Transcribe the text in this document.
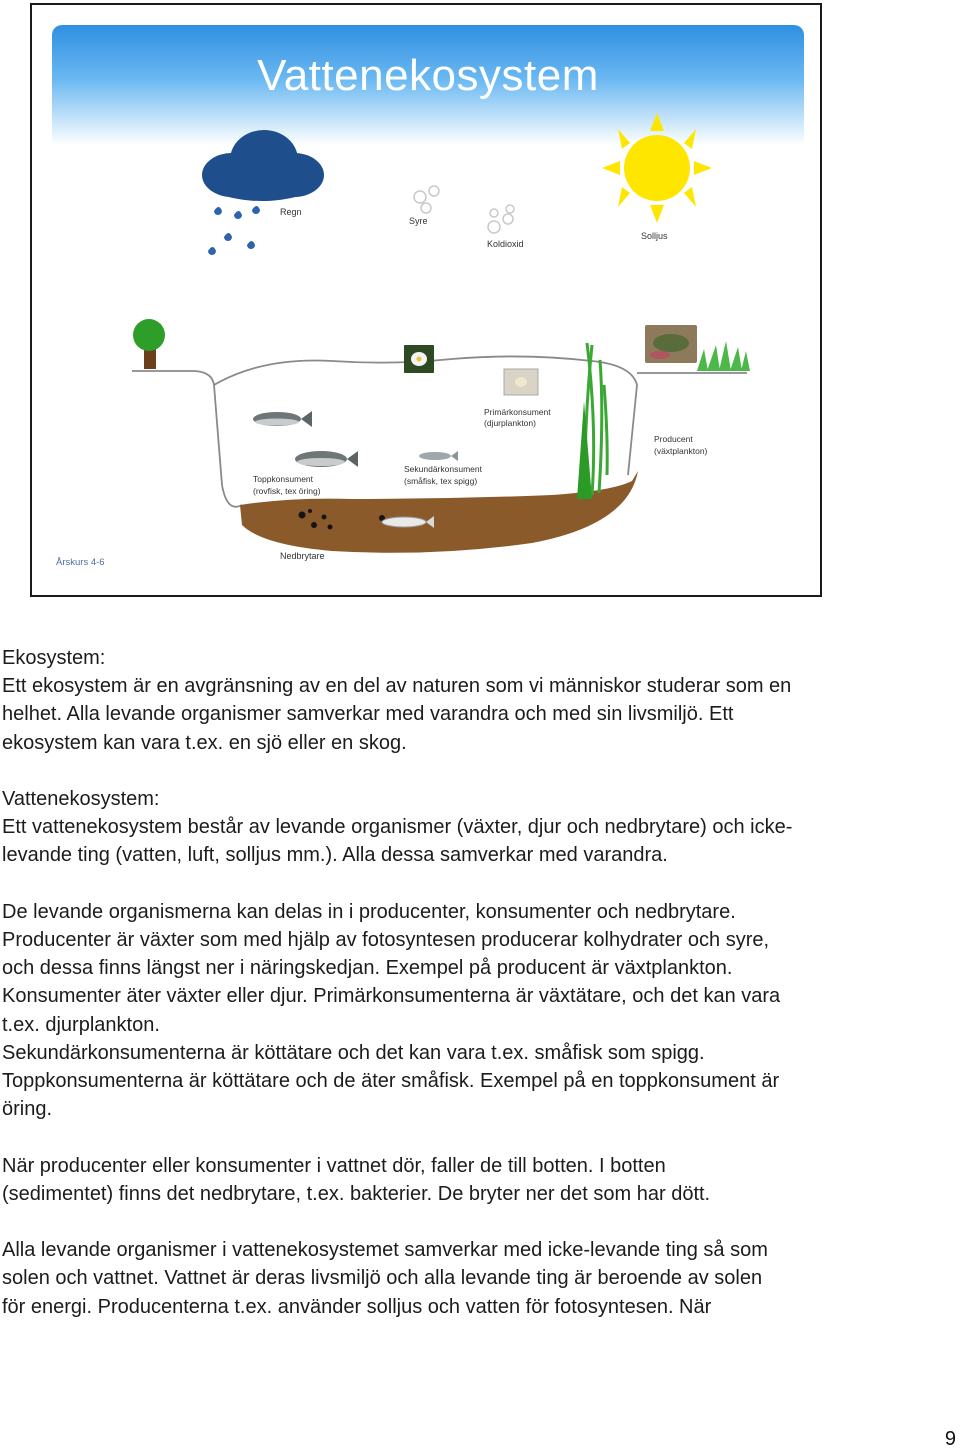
Vattenekosystem
Regn
Syre
Koldioxid
Solljus
Primärkonsument
(djurplankton)
Producent
(växtplankton)
Toppkonsument
(rovfisk, tex öring)
Sekundärkonsument
(småfisk, tex spigg)
Nedbrytare
Årskurs 4-6
Ekosystem:
Ett ekosystem är en avgränsning av en del av naturen som vi människor studerar som en
helhet. Alla levande organismer samverkar med varandra och med sin livsmiljö. Ett
ekosystem kan vara t.ex. en sjö eller en skog.
Vattenekosystem:
Ett vattenekosystem består av levande organismer (växter, djur och nedbrytare) och icke-
levande ting (vatten, luft, solljus mm.). Alla dessa samverkar med varandra.
De levande organismerna kan delas in i producenter, konsumenter och nedbrytare.
Producenter är växter som med hjälp av fotosyntesen producerar kolhydrater och syre,
och dessa finns längst ner i näringskedjan. Exempel på producent är växtplankton.
Konsumenter äter växter eller djur. Primärkonsumenterna är växtätare, och det kan vara
t.ex. djurplankton.
Sekundärkonsumenterna är köttätare och det kan vara t.ex. småfisk som spigg.
Toppkonsumenterna är köttätare och de äter småfisk. Exempel på en toppkonsument är
öring.
När producenter eller konsumenter i vattnet dör, faller de till botten. I botten
(sedimentet) finns det nedbrytare, t.ex. bakterier. De bryter ner det som har dött.
Alla levande organismer i vattenekosystemet samverkar med icke-levande ting så som
solen och vattnet. Vattnet är deras livsmiljö och alla levande ting är beroende av solen
för energi. Producenterna t.ex. använder solljus och vatten för fotosyntesen. När
9
